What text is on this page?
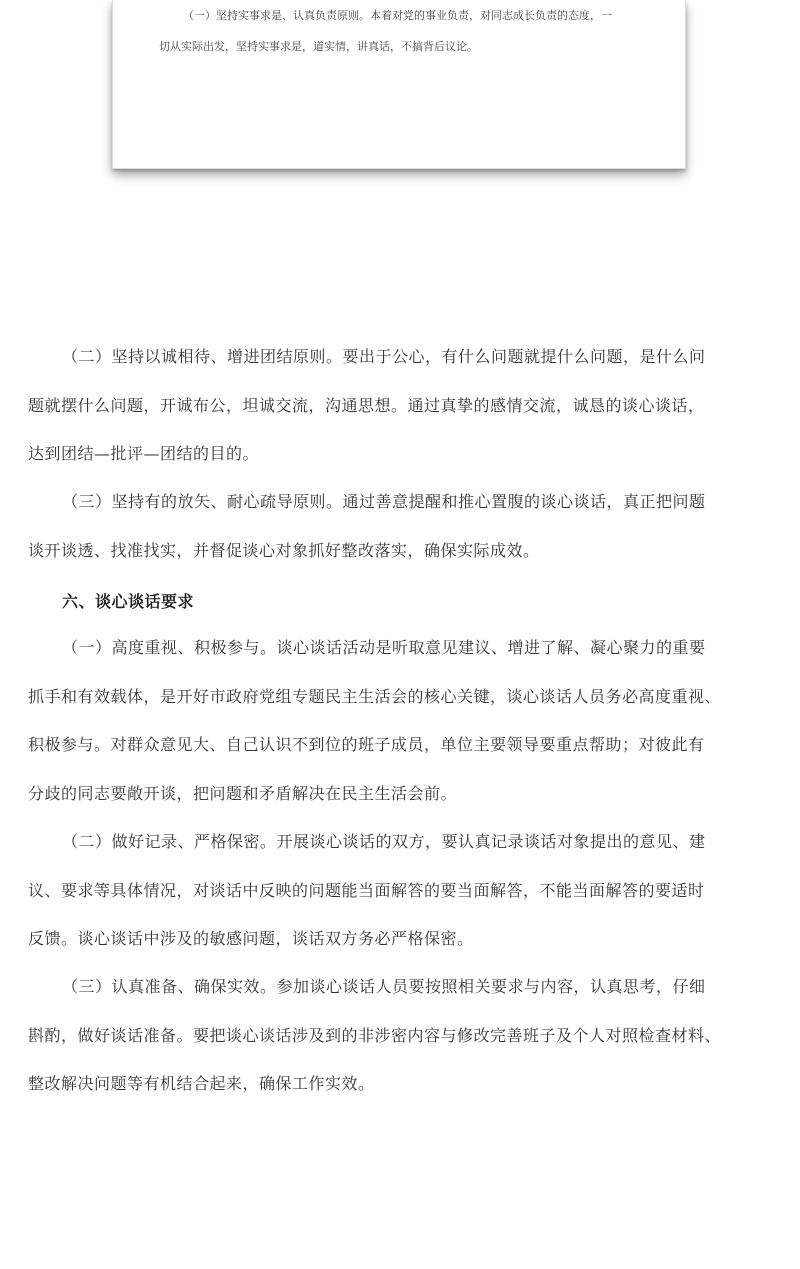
（一）坚持实事求是、认真负责原则。本着对党的事业负责，对同志成长负责的态度，一
切从实际出发，坚持实事求是，道实情，讲真话，不搞背后议论。

（二）坚持以诚相待、增进团结原则。要出于公心，有什么问题就提什么问题，是什么问
题就摆什么问题，开诚布公，坦诚交流，沟通思想。通过真挚的感情交流，诚恳的谈心谈话，
达到团结—批评—团结的目的。

（三）坚持有的放矢、耐心疏导原则。通过善意提醒和推心置腹的谈心谈话，真正把问题
谈开谈透、找准找实，并督促谈心对象抓好整改落实，确保实际成效。

六、谈心谈话要求

（一）高度重视、积极参与。谈心谈话活动是听取意见建议、增进了解、凝心聚力的重要
抓手和有效载体，是开好市政府党组专题民主生活会的核心关键，谈心谈话人员务必高度重视、
积极参与。对群众意见大、自己认识不到位的班子成员，单位主要领导要重点帮助；对彼此有
分歧的同志要敞开谈，把问题和矛盾解决在民主生活会前。

（二）做好记录、严格保密。开展谈心谈话的双方，要认真记录谈话对象提出的意见、建
议、要求等具体情况，对谈话中反映的问题能当面解答的要当面解答，不能当面解答的要适时
反馈。谈心谈话中涉及的敏感问题，谈话双方务必严格保密。

（三）认真准备、确保实效。参加谈心谈话人员要按照相关要求与内容，认真思考，仔细
斟酌，做好谈话准备。要把谈心谈话涉及到的非涉密内容与修改完善班子及个人对照检查材料、
整改解决问题等有机结合起来，确保工作实效。
